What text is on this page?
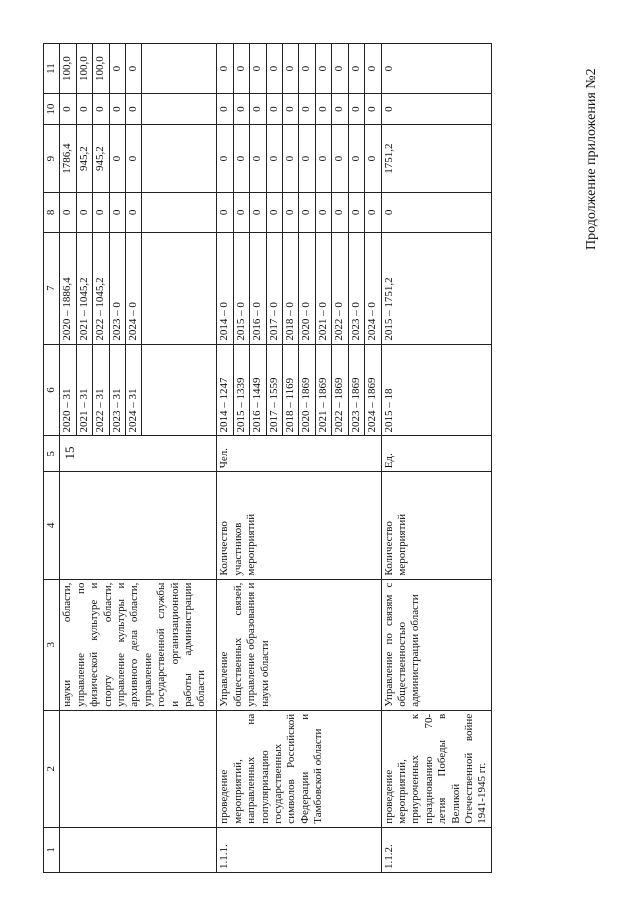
15
Продолжение приложения №2
1	2	3	4	5	6	7	8	9	10	11
		науки области, управление по физической культуре и спорту области, управление культуры и архивного дела области, управление государственной службы и организационной работы администрации области			2020 – 31	2020 – 1886,4	0	1786,4	0	100,0
					2021 – 31	2021 – 1045,2	0	945,2	0	100,0
					2022 – 31	2022 – 1045,2	0	945,2	0	100,0
					2023 – 31	2023 – 0	0	0	0	0
					2024 – 31	2024 – 0	0	0	0	0

1.1.1.	проведение мероприятий, направленных на популяризацию государственных символов Российской Федерации и Тамбовской области	Управление общественных связей, управление образования и науки области	Количество участников мероприятий	Чел.	2014 – 1247	2014 – 0	0	0	0	0
					2015 – 1339	2015 – 0	0	0	0	0
					2016 – 1449	2016 – 0	0	0	0	0
					2017 – 1559	2017 – 0	0	0	0	0
					2018 – 1169	2018 – 0	0	0	0	0
					2020 – 1869	2020 – 0	0	0	0	0
					2021 – 1869	2021 – 0	0	0	0	0
					2022 – 1869	2022 – 0	0	0	0	0
					2023 – 1869	2023 – 0	0	0	0	0
					2024 – 1869	2024 – 0	0	0	0	0
1.1.2.	проведение мероприятий, приуроченных к празднованию 70-летия Победы в Великой Отечественной войне 1941-1945 гг.	Управление по связям с общественностью администрации области	Количество мероприятий	Ед.	2015 – 18	2015 – 1751,2	0	1751,2	0	0
